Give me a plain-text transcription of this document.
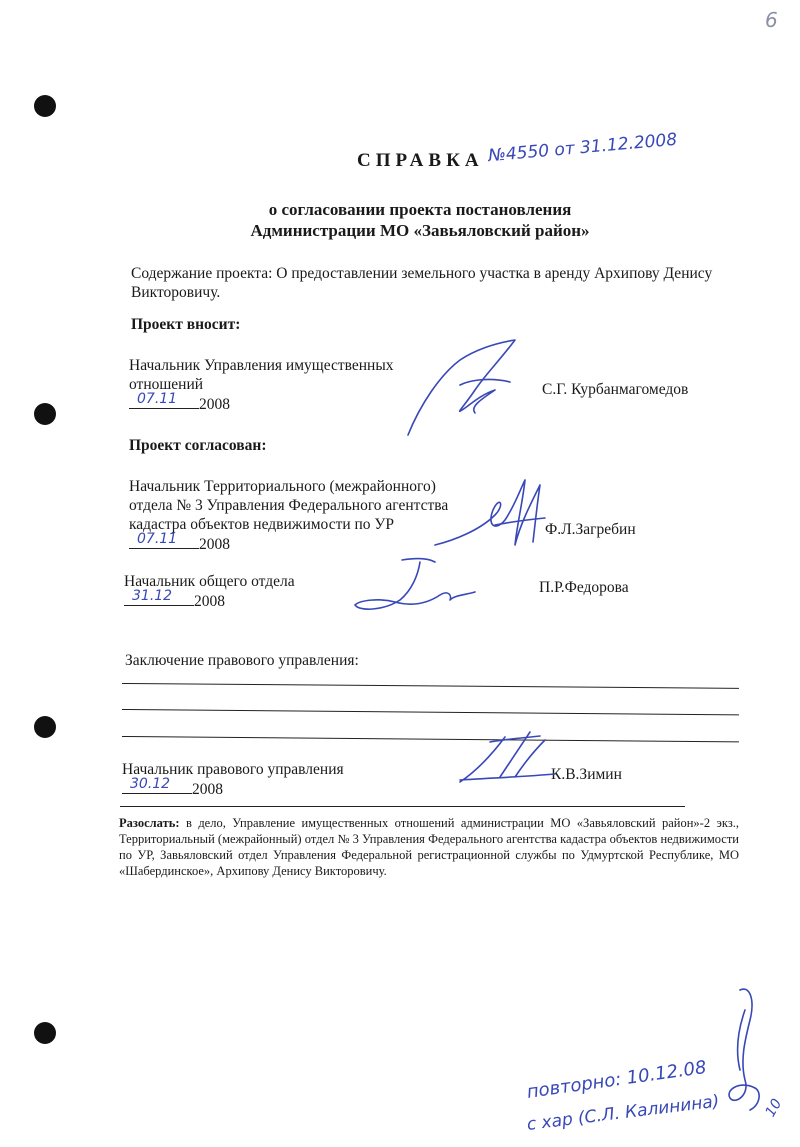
6
СПРАВКА №4550 от 31.12.2008
о согласовании проекта постановления
Администрации МО «Завьяловский район»
Содержание проекта: О предоставлении земельного участка в аренду Архипову Денису
Викторовичу.
Проект вносит:
Начальник Управления имущественных
отношений
07.11 2008
С.Г. Курбанмагомедов
Проект согласован:
Начальник Территориального (межрайонного)
отдела № 3 Управления Федерального агентства
кадастра объектов недвижимости по УР
07.11 2008
Ф.Л.Загребин
Начальник общего отдела
31.12 2008
П.Р.Федорова
Заключение правового управления:
Начальник правового управления
30.12 2008
К.В.Зимин
Разослать: в дело, Управление имущественных отношений администрации МО «Завьяловский район»-2 экз., Территориальный (межрайонный) отдел № 3 Управления Федерального агентства кадастра объектов недвижимости по УР, Завьяловский отдел Управления Федеральной регистрационной службы по Удмуртской Республике, МО «Шабердинское», Архипову Денису Викторовичу.
повторно: 10.12.08
с хар (С.Л. Калинина)	10
